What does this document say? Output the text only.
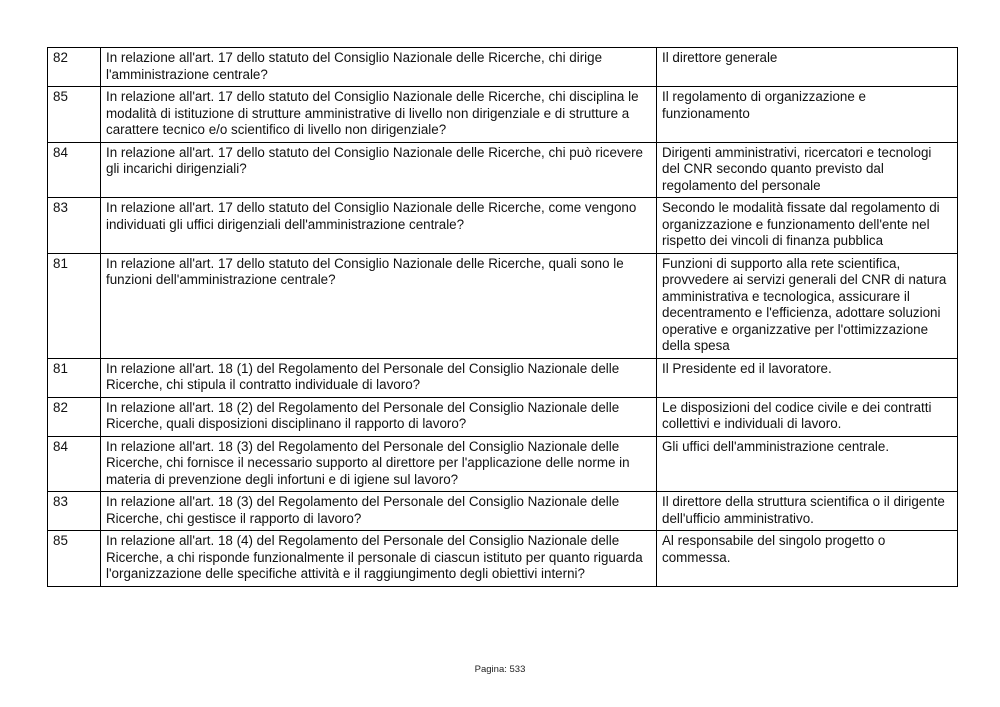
82	In relazione all'art. 17 dello statuto del Consiglio Nazionale delle Ricerche, chi dirige l'amministrazione centrale?	Il direttore generale
85	In relazione all'art. 17 dello statuto del Consiglio Nazionale delle Ricerche, chi disciplina le modalità di istituzione di strutture amministrative di livello non dirigenziale e di strutture a carattere tecnico e/o scientifico di livello non dirigenziale?	Il regolamento di organizzazione e funzionamento
84	In relazione all'art. 17 dello statuto del Consiglio Nazionale delle Ricerche, chi può ricevere gli incarichi dirigenziali?	Dirigenti amministrativi, ricercatori e tecnologi del CNR secondo quanto previsto dal regolamento del personale
83	In relazione all'art. 17 dello statuto del Consiglio Nazionale delle Ricerche, come vengono individuati gli uffici dirigenziali dell'amministrazione centrale?	Secondo le modalità fissate dal regolamento di organizzazione e funzionamento dell'ente nel rispetto dei vincoli di finanza pubblica
81	In relazione all'art. 17 dello statuto del Consiglio Nazionale delle Ricerche, quali sono le funzioni dell'amministrazione centrale?	Funzioni di supporto alla rete scientifica, provvedere ai servizi generali del CNR di natura amministrativa e tecnologica, assicurare il decentramento e l'efficienza, adottare soluzioni operative e organizzative per l'ottimizzazione della spesa
81	In relazione all'art. 18 (1) del Regolamento del Personale del Consiglio Nazionale delle Ricerche, chi stipula il contratto individuale di lavoro?	Il Presidente ed il lavoratore.
82	In relazione all'art. 18 (2) del Regolamento del Personale del Consiglio Nazionale delle Ricerche, quali disposizioni disciplinano il rapporto di lavoro?	Le disposizioni del codice civile e dei contratti collettivi e individuali di lavoro.
84	In relazione all'art. 18 (3) del Regolamento del Personale del Consiglio Nazionale delle Ricerche, chi fornisce il necessario supporto al direttore per l'applicazione delle norme in materia di prevenzione degli infortuni e di igiene sul lavoro?	Gli uffici dell'amministrazione centrale.
83	In relazione all'art. 18 (3) del Regolamento del Personale del Consiglio Nazionale delle Ricerche, chi gestisce il rapporto di lavoro?	Il direttore della struttura scientifica o il dirigente dell'ufficio amministrativo.
85	In relazione all'art. 18 (4) del Regolamento del Personale del Consiglio Nazionale delle Ricerche, a chi risponde funzionalmente il personale di ciascun istituto per quanto riguarda l'organizzazione delle specifiche attività e il raggiungimento degli obiettivi interni?	Al responsabile del singolo progetto o commessa.
Pagina: 533
